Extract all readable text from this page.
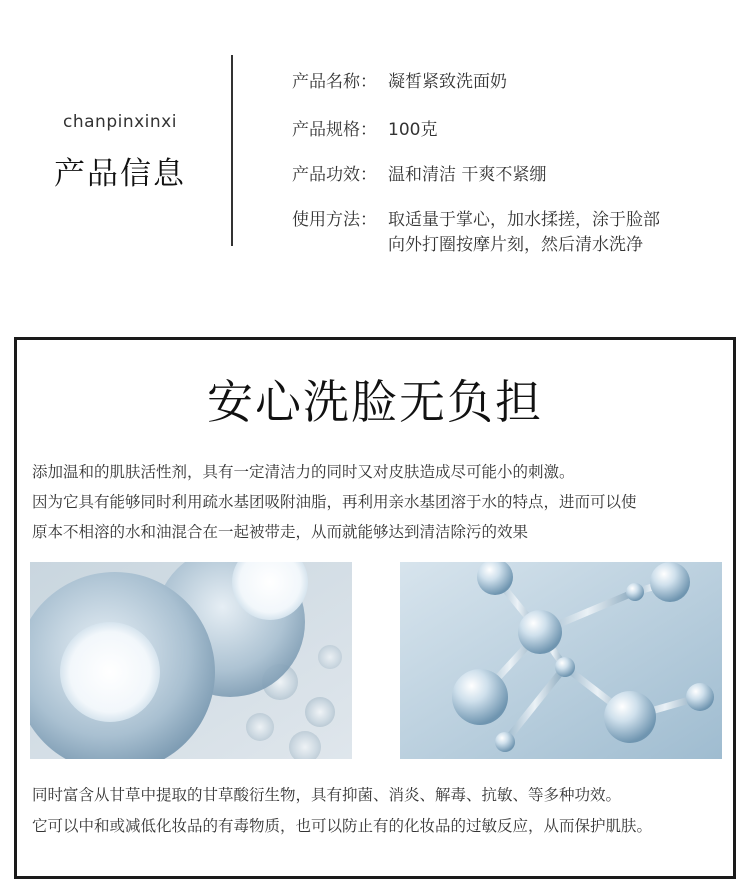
chanpinxinxi
产品信息
产品名称： 凝皙紧致洗面奶
产品规格： 100克
产品功效： 温和清洁 干爽不紧绷
使用方法： 取适量于掌心，加水揉搓，涂于脸部
向外打圈按摩片刻，然后清水洗净
安心洗脸无负担
添加温和的肌肤活性剂，具有一定清洁力的同时又对皮肤造成尽可能小的刺激。
因为它具有能够同时利用疏水基团吸附油脂，再利用亲水基团溶于水的特点，进而可以使
原本不相溶的水和油混合在一起被带走，从而就能够达到清洁除污的效果
同时富含从甘草中提取的甘草酸衍生物，具有抑菌、消炎、解毒、抗敏、等多种功效。
它可以中和或减低化妆品的有毒物质，也可以防止有的化妆品的过敏反应，从而保护肌肤。
